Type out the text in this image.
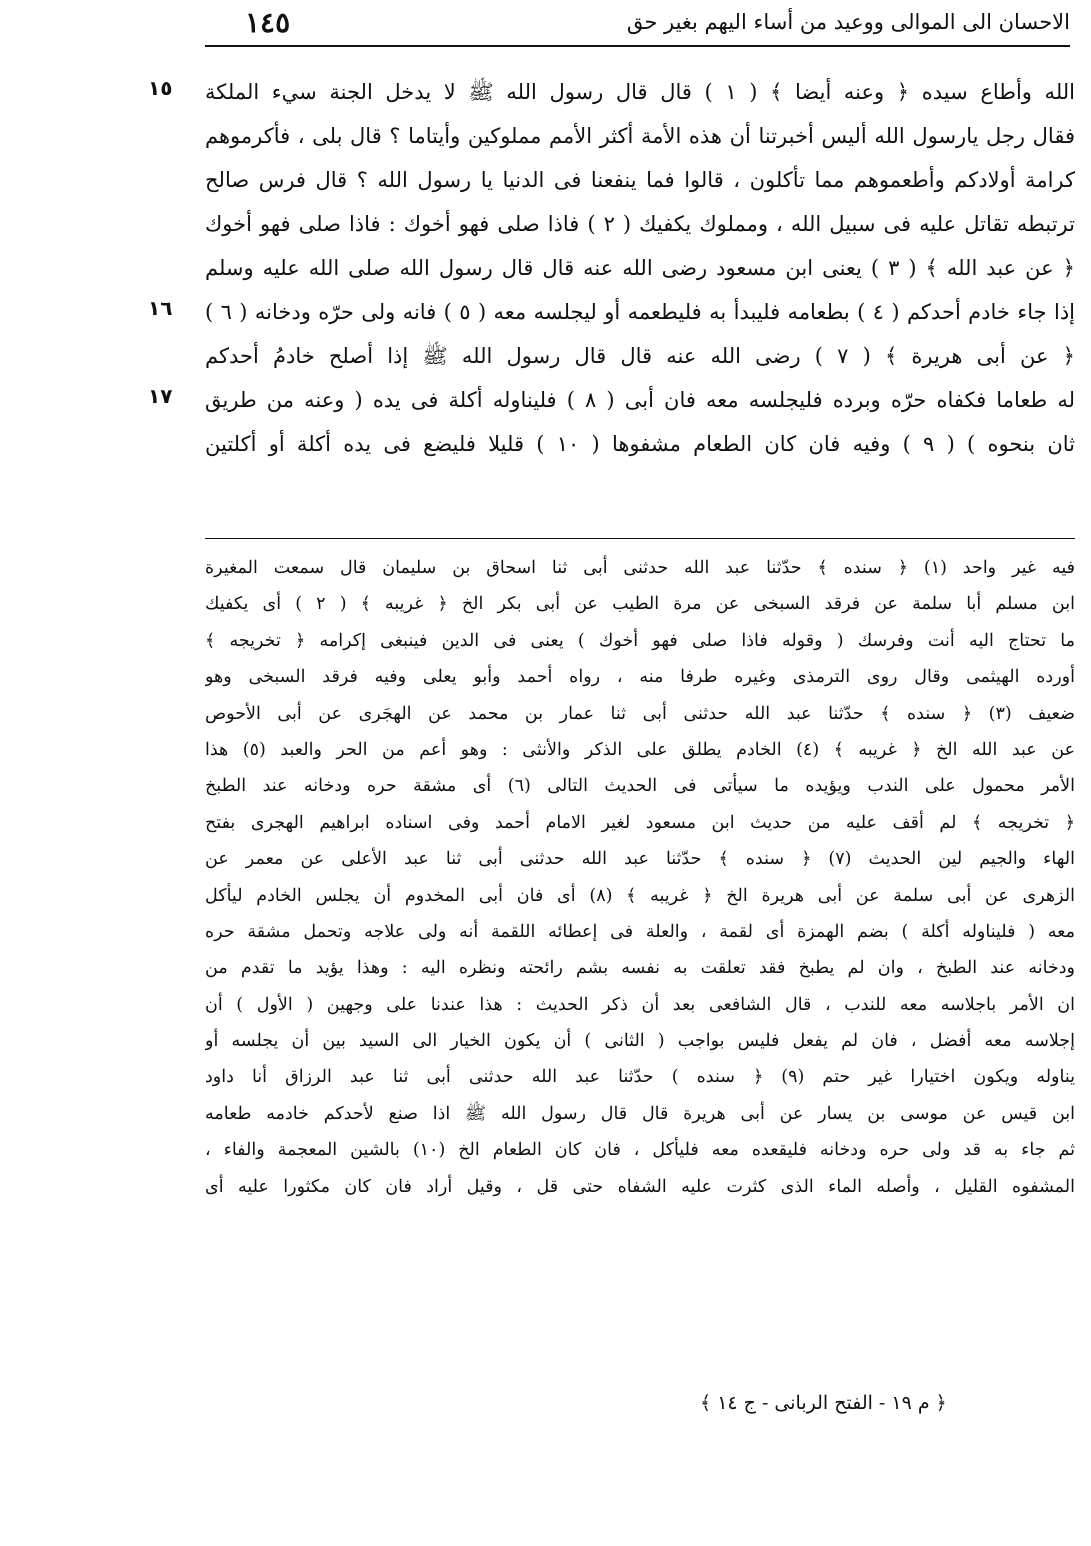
١٤٥	الاحسان الى الموالى ووعيد من أساء اليهم بغير حق
١٥
١٦
١٧
الله وأطاع سيده ﴿ وعنه أيضا ﴾ ( ١ ) قال قال رسول الله ﷺ لا يدخل الجنة سيء الملكة
فقال رجل يارسول الله أليس أخبرتنا أن هذه الأمة أكثر الأمم مملوكين وأيتاما ؟ قال بلى ، فأكرموهم
كرامة أولادكم وأطعموهم مما تأكلون ، قالوا فما ينفعنا فى الدنيا يا رسول الله ؟ قال فرس صالح
ترتبطه تقاتل عليه فى سبيل الله ، ومملوك يكفيك ( ٢ ) فاذا صلى فهو أخوك : فاذا صلى فهو أخوك
﴿ عن عبد الله ﴾ ( ٣ ) يعنى ابن مسعود رضى الله عنه قال قال رسول الله صلى الله عليه وسلم
إذا جاء خادم أحدكم ( ٤ ) بطعامه فليبدأ به فليطعمه أو ليجلسه معه ( ٥ ) فانه ولى حرّه ودخانه ( ٦ )
﴿ عن أبى هريرة ﴾ ( ٧ ) رضى الله عنه قال قال رسول الله ﷺ إذا أصلح خادمُ أحدكم
له طعاما فكفاه حرّه وبرده فليجلسه معه فان أبى ( ٨ ) فليناوله أكلة فى يده ( وعنه من طريق
ثان بنحوه ) ( ٩ ) وفيه فان كان الطعام مشفوها ( ١٠ ) قليلا فليضع فى يده أكلة أو أكلتين
فيه غير واحد (١) ﴿ سنده ﴾ حدّثنا عبد الله حدثنى أبى ثنا اسحاق بن سليمان قال سمعت المغيرة
ابن مسلم أبا سلمة عن فرقد السبخى عن مرة الطيب عن أبى بكر الخ ﴿ غريبه ﴾ ( ٢ ) أى يكفيك
ما تحتاج اليه أنت وفرسك ( وقوله فاذا صلى فهو أخوك ) يعنى فى الدين فينبغى إكرامه ﴿ تخريجه ﴾
أورده الهيثمى وقال روى الترمذى وغيره طرفا منه ، رواه أحمد وأبو يعلى وفيه فرقد السبخى وهو
ضعيف (٣) ﴿ سنده ﴾ حدّثنا عبد الله حدثنى أبى ثنا عمار بن محمد عن الهجَرى عن أبى الأحوص
عن عبد الله الخ ﴿ غريبه ﴾ (٤) الخادم يطلق على الذكر والأنثى : وهو أعم من الحر والعبد (٥) هذا
الأمر محمول على الندب ويؤيده ما سيأتى فى الحديث التالى (٦) أى مشقة حره ودخانه عند الطبخ
﴿ تخريجه ﴾ لم أقف عليه من حديث ابن مسعود لغير الامام أحمد وفى اسناده ابراهيم الهجرى بفتح
الهاء والجيم لين الحديث (٧) ﴿ سنده ﴾ حدّثنا عبد الله حدثنى أبى ثنا عبد الأعلى عن معمر عن
الزهرى عن أبى سلمة عن أبى هريرة الخ ﴿ غريبه ﴾ (٨) أى فان أبى المخدوم أن يجلس الخادم ليأكل
معه ( فليناوله أكلة ) بضم الهمزة أى لقمة ، والعلة فى إعطائه اللقمة أنه ولى علاجه وتحمل مشقة حره
ودخانه عند الطبخ ، وان لم يطبخ فقد تعلقت به نفسه بشم رائحته ونظره اليه : وهذا يؤيد ما تقدم من
ان الأمر باجلاسه معه للندب ، قال الشافعى بعد أن ذكر الحديث : هذا عندنا على وجهين ( الأول ) أن
إجلاسه معه أفضل ، فان لم يفعل فليس بواجب ( الثانى ) أن يكون الخيار الى السيد بين أن يجلسه أو
يناوله ويكون اختيارا غير حتم (٩) ﴿ سنده ) حدّثنا عبد الله حدثنى أبى ثنا عبد الرزاق أنا داود
ابن قيس عن موسى بن يسار عن أبى هريرة قال قال رسول الله ﷺ اذا صنع لأحدكم خادمه طعامه
ثم جاء به قد ولى حره ودخانه فليقعده معه فليأكل ، فان كان الطعام الخ (١٠) بالشين المعجمة والفاء ،
المشفوه القليل ، وأصله الماء الذى كثرت عليه الشفاه حتى قل ، وقيل أراد فان كان مكثورا عليه أى
﴿ م ١٩ - الفتح الربانى - ج ١٤ ﴾
